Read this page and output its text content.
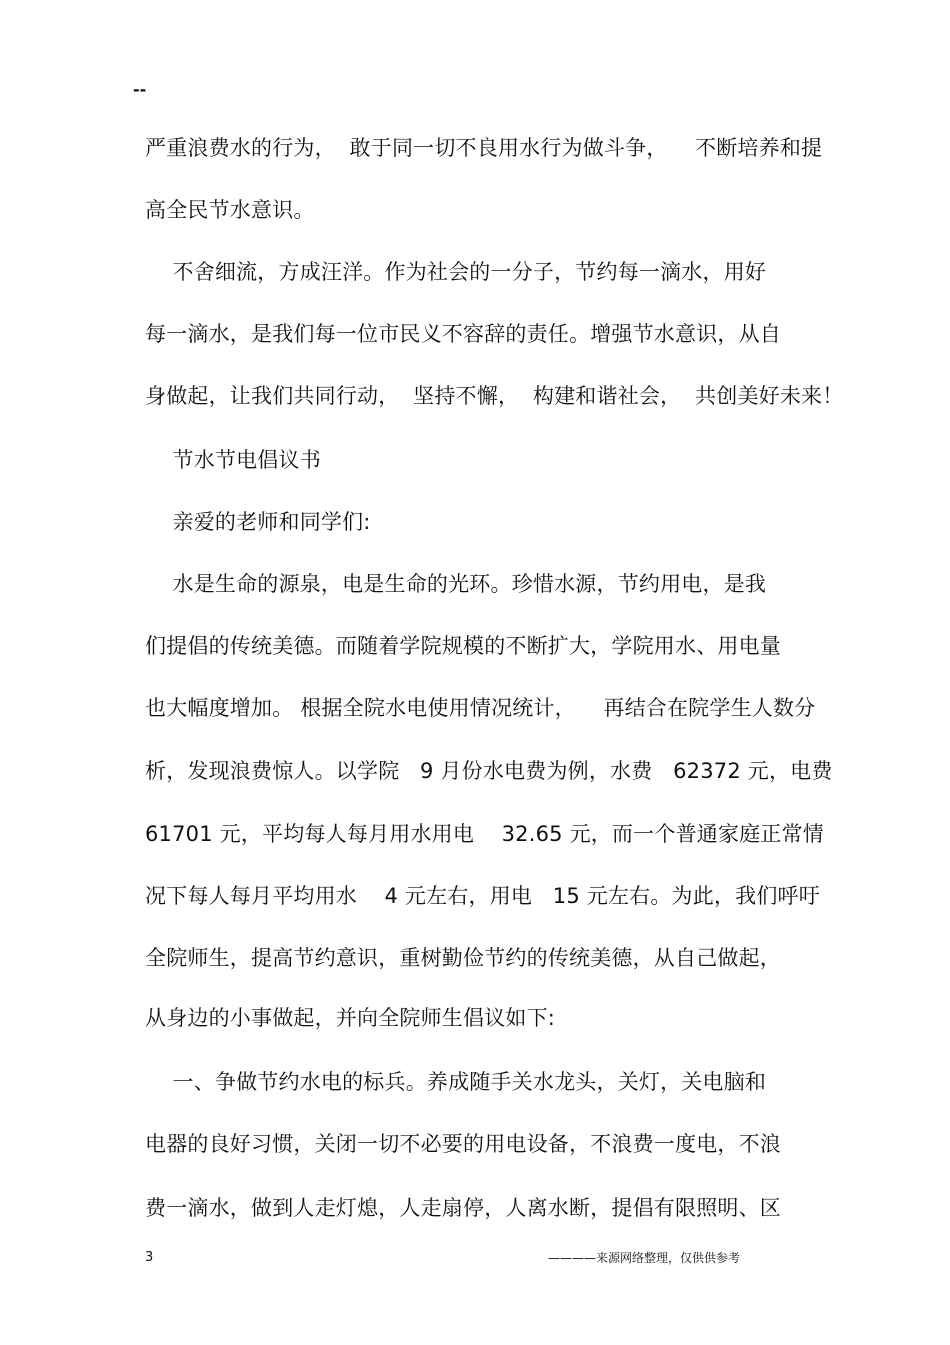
--
严重浪费水的行为，  敢于同一切不良用水行为做斗争，    不断培养和提
高全民节水意识。
不舍细流，方成汪洋。作为社会的一分子，节约每一滴水，用好
每一滴水，是我们每一位市民义不容辞的责任。增强节水意识，从自
身做起，让我们共同行动，  坚持不懈，  构建和谐社会，  共创美好未来！
节水节电倡议书
亲爱的老师和同学们:
水是生命的源泉，电是生命的光环。珍惜水源，节约用电，是我
们提倡的传统美德。而随着学院规模的不断扩大，学院用水、用电量
也大幅度增加。 根据全院水电使用情况统计，    再结合在院学生人数分
析，发现浪费惊人。以学院   9 月份水电费为例，水费   62372 元，电费
61701 元，平均每人每月用水用电    32.65 元，而一个普通家庭正常情
况下每人每月平均用水    4 元左右，用电   15 元左右。为此，我们呼吁
全院师生，提高节约意识，重树勤俭节约的传统美德，从自己做起，
从身边的小事做起，并向全院师生倡议如下:
一、争做节约水电的标兵。养成随手关水龙头，关灯，关电脑和
电器的良好习惯，关闭一切不必要的用电设备，不浪费一度电，不浪
费一滴水，做到人走灯熄，人走扇停，人离水断，提倡有限照明、区
3	————来源网络整理，仅供供参考
